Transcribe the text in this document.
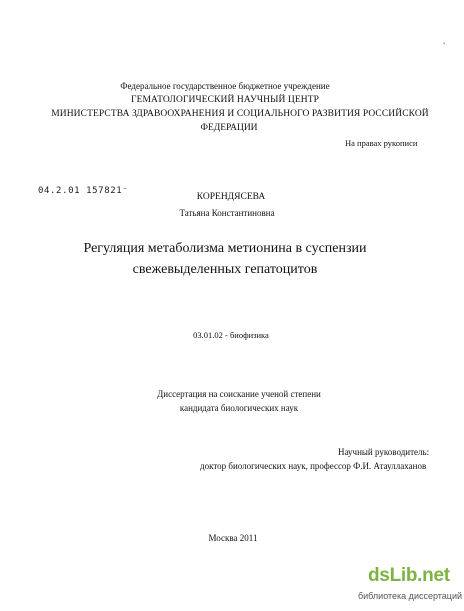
•
Федеральное государственное бюджетное учреждение
ГЕМАТОЛОГИЧЕСКИЙ НАУЧНЫЙ ЦЕНТР
МИНИСТЕРСТВА ЗДРАВООХРАНЕНИЯ И СОЦИАЛЬНОГО РАЗВИТИЯ РОССИЙСКОЙ
ФЕДЕРАЦИИ
На правах рукописи
04.2.01 157821⁻
КОРЕНДЯСЕВА
Татьяна Константиновна
Регуляция метаболизма метионина в суспензии
свежевыделенных гепатоцитов
03.01.02 - биофизика
Диссертация на соискание ученой степени
кандидата биологических наук
Научный руководитель:
доктор биологических наук, профессор Ф.И. Атауллаханов
Москва 2011
dsLib.net
библиотека диссертаций
